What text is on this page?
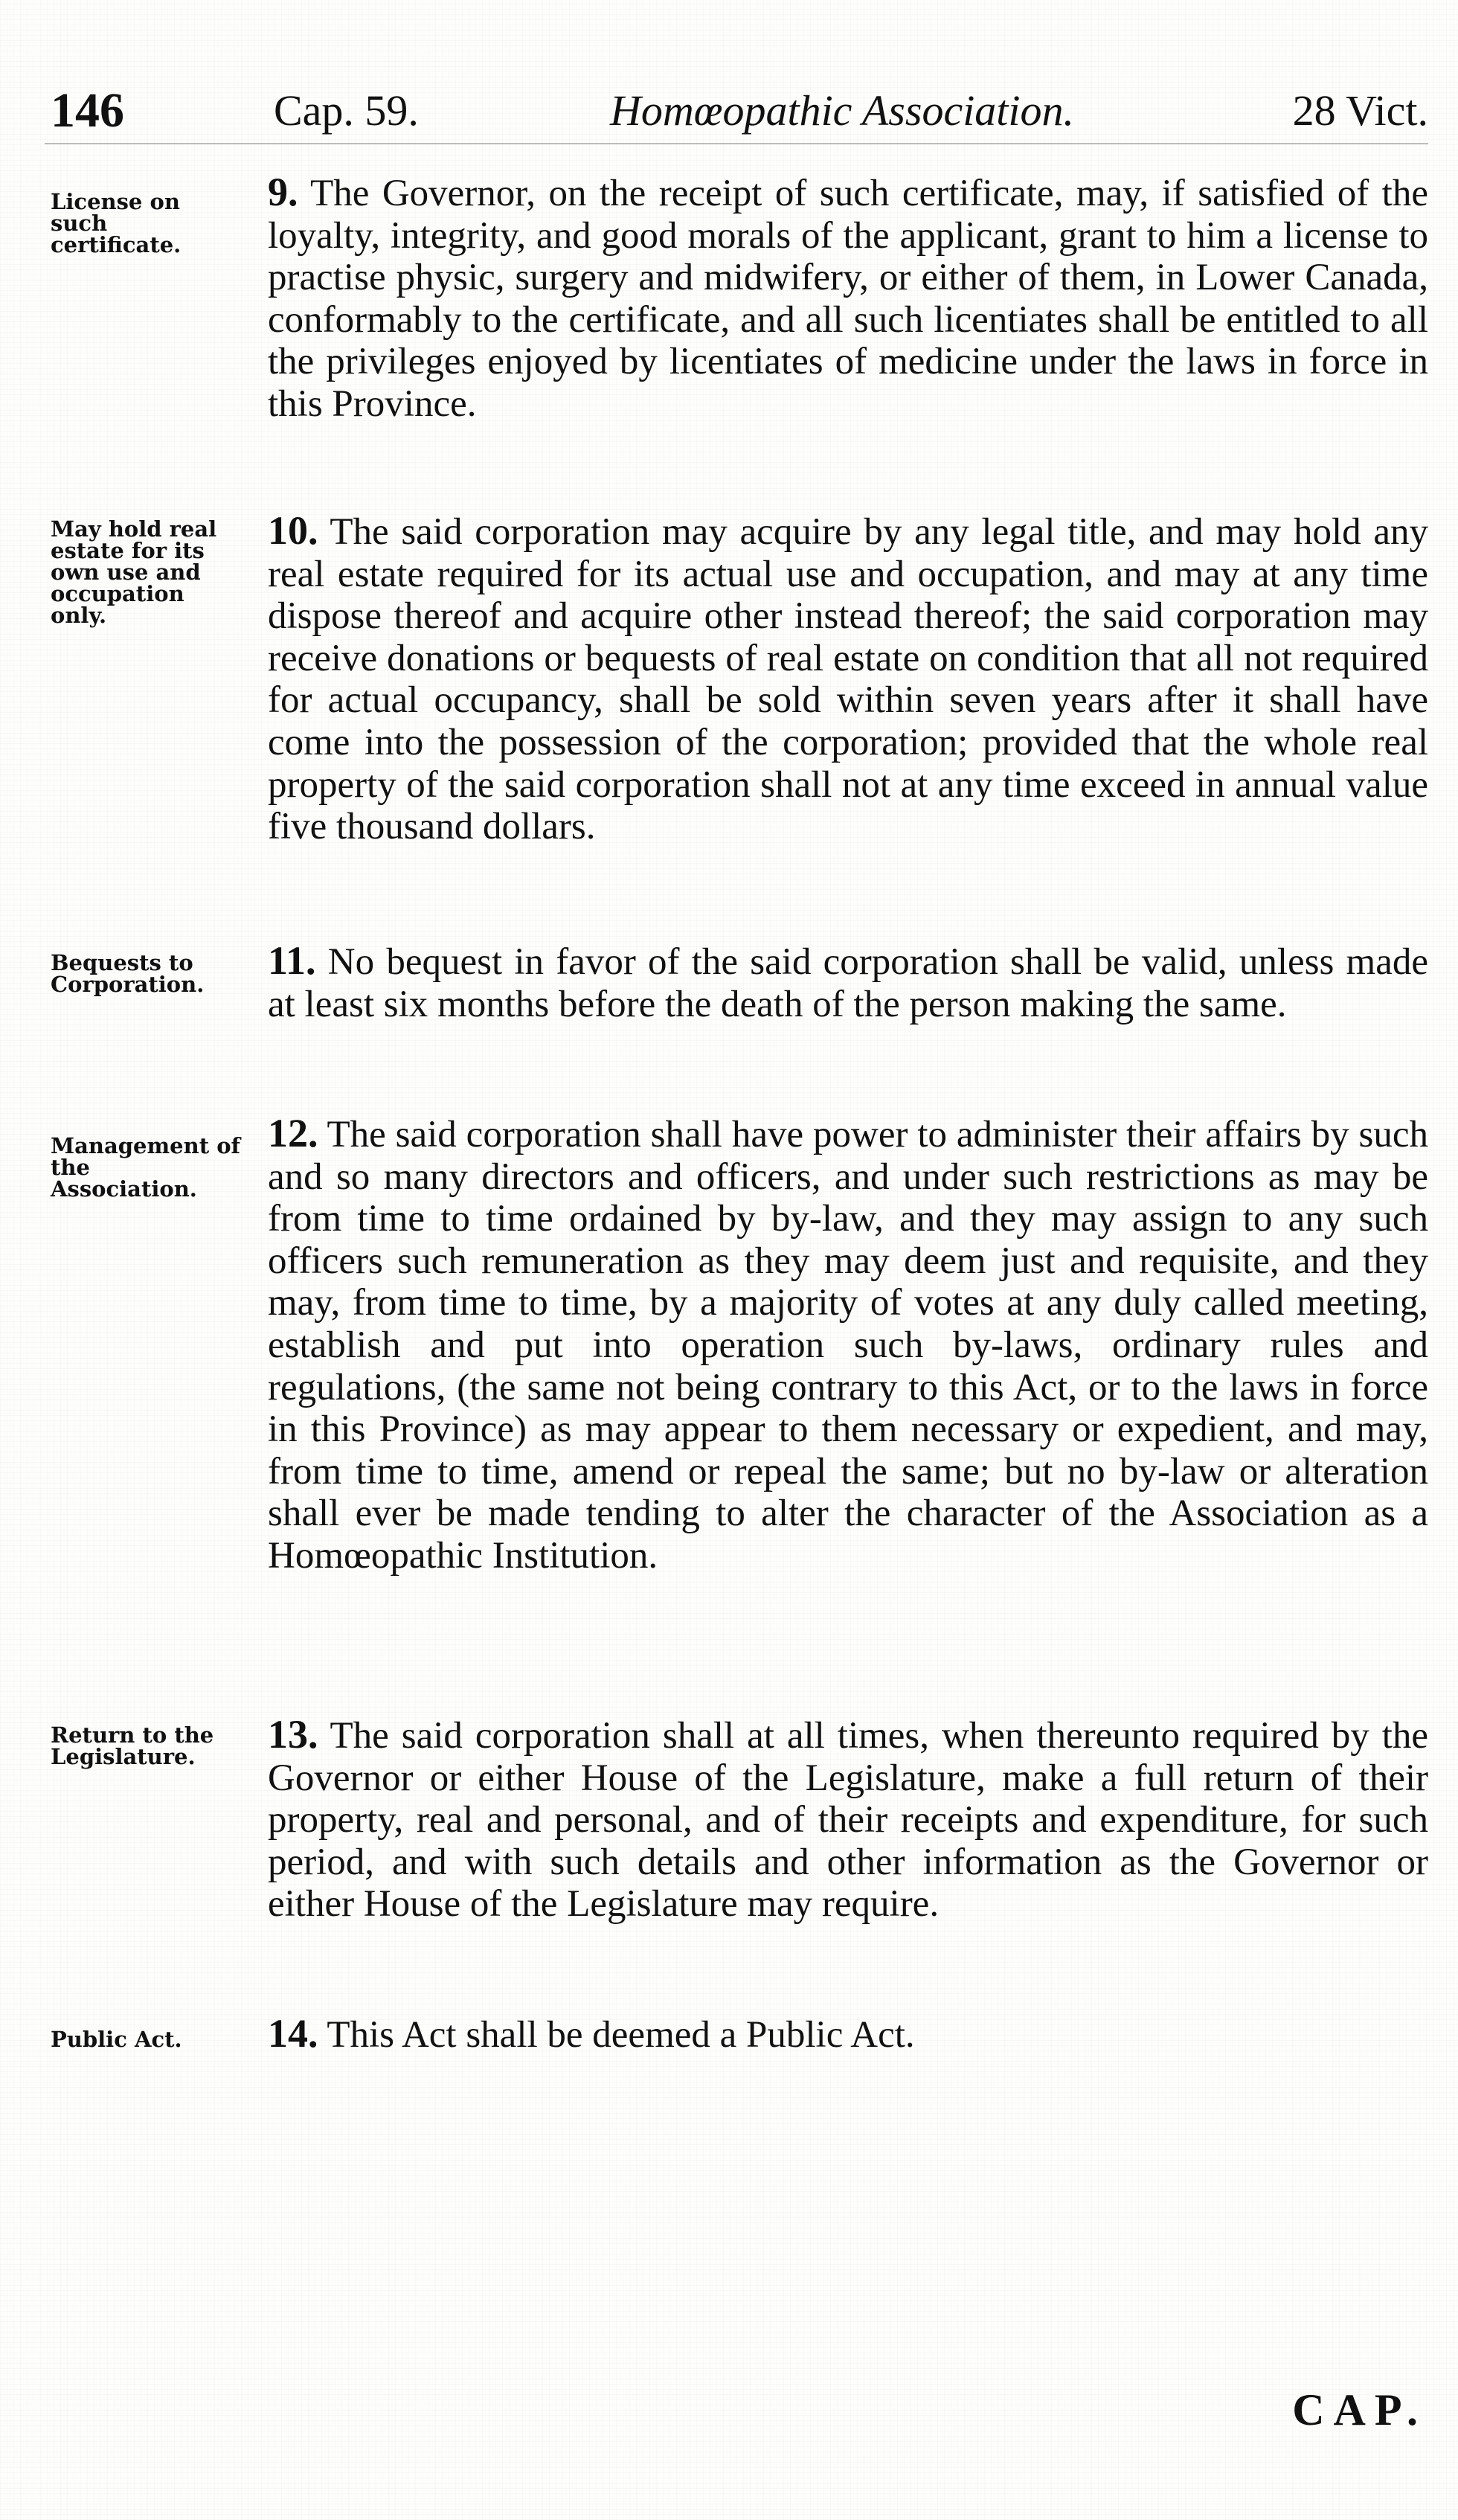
146	Cap. 59.	Homœopathic Association.	28 Vict.
License on such certificate.
9. The Governor, on the receipt of such certificate, may, if satisfied of the loyalty, integrity, and good morals of the applicant, grant to him a license to practise physic, surgery and midwifery, or either of them, in Lower Canada, conformably to the certificate, and all such licentiates shall be entitled to all the privileges enjoyed by licentiates of medicine under the laws in force in this Province.
May hold real estate for its own use and occupation only.
10. The said corporation may acquire by any legal title, and may hold any real estate required for its actual use and occupation, and may at any time dispose thereof and acquire other instead thereof; the said corporation may receive donations or bequests of real estate on condition that all not required for actual occupancy, shall be sold within seven years after it shall have come into the possession of the corporation; provided that the whole real property of the said corporation shall not at any time exceed in annual value five thousand dollars.
Bequests to Corporation.
11. No bequest in favor of the said corporation shall be valid, unless made at least six months before the death of the person making the same.
Management of the Association.
12. The said corporation shall have power to administer their affairs by such and so many directors and officers, and under such restrictions as may be from time to time ordained by by-law, and they may assign to any such officers such remuneration as they may deem just and requisite, and they may, from time to time, by a majority of votes at any duly called meeting, establish and put into operation such by-laws, ordinary rules and regulations, (the same not being contrary to this Act, or to the laws in force in this Province) as may appear to them necessary or expedient, and may, from time to time, amend or repeal the same; but no by-law or alteration shall ever be made tending to alter the character of the Association as a Homœopathic Institution.
Return to the Legislature.	13. The said corporation shall at all times, when thereunto required by the Governor or either House of the Legislature, make a full return of their property, real and personal, and of their receipts and expenditure, for such period, and with such details and other information as the Governor or either House of the Legislature may require.
Public Act.	14. This Act shall be deemed a Public Act.
CAP.
